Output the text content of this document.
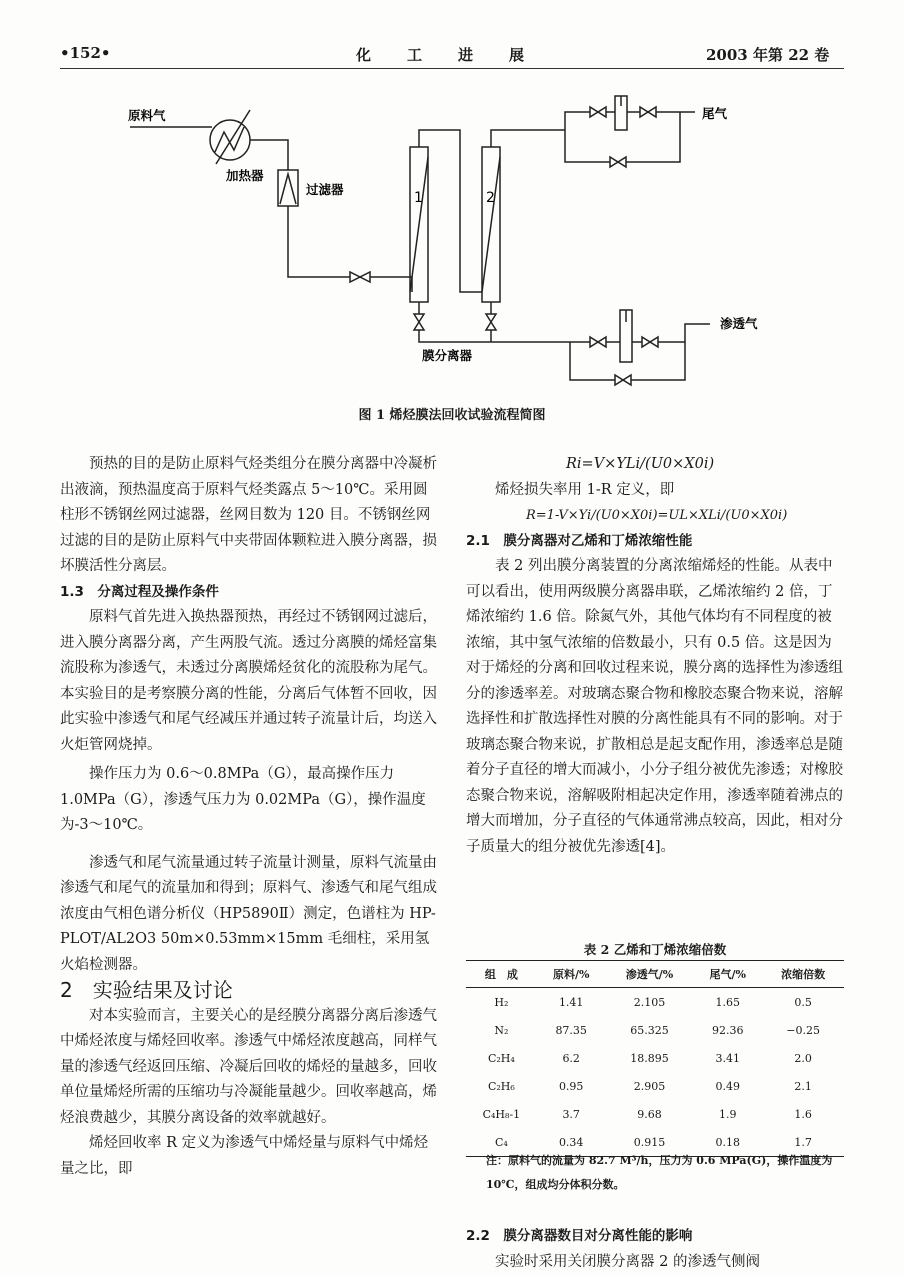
•152•	化　　工　　进　　展	2003 年第 22 卷
原料气
加热器
过滤器
1	2
膜分离器
尾气
渗透气
图 1 烯烃膜法回收试验流程简图

预热的目的是防止原料气烃类组分在膜分离器中冷凝析出液滴，预热温度高于原料气烃类露点 5～10℃。采用圆柱形不锈钢丝网过滤器，丝网目数为 120 目。不锈钢丝网过滤的目的是防止原料气中夹带固体颗粒进入膜分离器，损坏膜活性分离层。

1.3　分离过程及操作条件

原料气首先进入换热器预热，再经过不锈钢网过滤后，进入膜分离器分离，产生两股气流。透过分离膜的烯烃富集流股称为渗透气，未透过分离膜烯烃贫化的流股称为尾气。本实验目的是考察膜分离的性能，分离后气体暂不回收，因此实验中渗透气和尾气经减压并通过转子流量计后，均送入火炬管网烧掉。

操作压力为 0.6～0.8MPa（G），最高操作压力 1.0MPa（G），渗透气压力为 0.02MPa（G），操作温度为-3～10℃。

渗透气和尾气流量通过转子流量计测量，原料气流量由渗透气和尾气的流量加和得到；原料气、渗透气和尾气组成浓度由气相色谱分析仪（HP5890Ⅱ）测定，色谱柱为 HP-PLOT/AL2O3 50m×0.53mm×15mm 毛细柱，采用氢火焰检测器。

2　实验结果及讨论

对本实验而言，主要关心的是经膜分离器分离后渗透气中烯烃浓度与烯烃回收率。渗透气中烯烃浓度越高，同样气量的渗透气经返回压缩、冷凝后回收的烯烃的量越多，回收单位量烯烃所需的压缩功与冷凝能量越少。回收率越高，烯烃浪费越少，其膜分离设备的效率就越好。

烯烃回收率 R 定义为渗透气中烯烃量与原料气中烯烃量之比，即

Ri=V×YLi/(U0×X0i)

烯烃损失率用 1-R 定义，即

R=1-V×Yi/(U0×X0i)=UL×XLi/(U0×X0i)

2.1　膜分离器对乙烯和丁烯浓缩性能

表 2 列出膜分离装置的分离浓缩烯烃的性能。从表中可以看出，使用两级膜分离器串联，乙烯浓缩约 2 倍，丁烯浓缩约 1.6 倍。除氮气外，其他气体均有不同程度的被浓缩，其中氢气浓缩的倍数最小，只有 0.5 倍。这是因为对于烯烃的分离和回收过程来说，膜分离的选择性为渗透组分的渗透率差。对玻璃态聚合物和橡胶态聚合物来说，溶解选择性和扩散选择性对膜的分离性能具有不同的影响。对于玻璃态聚合物来说，扩散相总是起支配作用，渗透率总是随着分子直径的增大而减小，小分子组分被优先渗透；对橡胶态聚合物来说，溶解吸附相起决定作用，渗透率随着沸点的增大而增加，分子直径的气体通常沸点较高，因此，相对分子质量大的组分被优先渗透[4]。

表 2 乙烯和丁烯浓缩倍数
组　成	原料/%	渗透气/%	尾气/%	浓缩倍数
H₂	1.41	2.105	1.65	0.5
N₂	87.35	65.325	92.36	−0.25
C₂H₄	6.2	18.895	3.41	2.0
C₂H₆	0.95	2.905	0.49	2.1
C₄H₈-1	3.7	9.68	1.9	1.6
C₄	0.34	0.915	0.18	1.7
注：原料气的流量为 82.7 M³/h，压力为 0.6 MPa(G)，操作温度为 10℃，组成均分体积分数。

2.2　膜分离器数目对分离性能的影响

实验时采用关闭膜分离器 2 的渗透气侧阀
